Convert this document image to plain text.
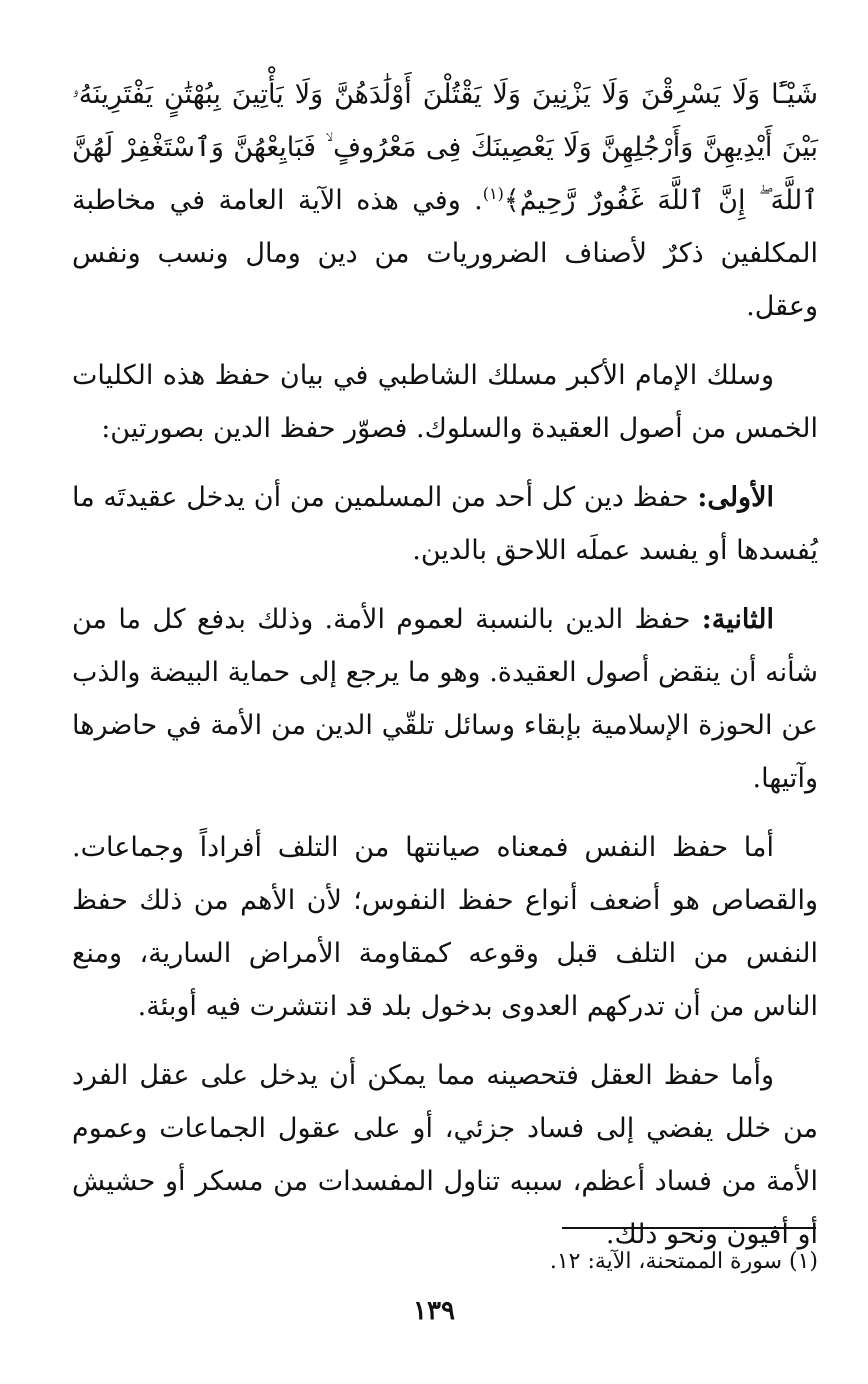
شَيْـًٔا وَلَا يَسْرِقْنَ وَلَا يَزْنِينَ وَلَا يَقْتُلْنَ أَوْلَٰدَهُنَّ وَلَا يَأْتِينَ بِبُهْتَٰنٍ يَفْتَرِينَهُۥ بَيْنَ أَيْدِيهِنَّ وَأَرْجُلِهِنَّ وَلَا يَعْصِينَكَ فِى مَعْرُوفٍ ۙ فَبَايِعْهُنَّ وَٱسْتَغْفِرْ لَهُنَّ ٱللَّهَ ۖ إِنَّ ٱللَّهَ غَفُورٌ رَّحِيمٌ﴾$^{(١)}$. وفي هذه الآية العامة في مخاطبة المكلفين ذكرٌ لأصناف الضروريات من دين ومال ونسب ونفس وعقل.

وسلك الإمام الأكبر مسلك الشاطبي في بيان حفظ هذه الكليات الخمس من أصول العقيدة والسلوك. فصوّر حفظ الدين بصورتين:

الأولى: حفظ دين كل أحد من المسلمين من أن يدخل عقيدتَه ما يُفسدها أو يفسد عملَه اللاحق بالدين.

الثانية: حفظ الدين بالنسبة لعموم الأمة. وذلك بدفع كل ما من شأنه أن ينقض أصول العقيدة. وهو ما يرجع إلى حماية البيضة والذب عن الحوزة الإسلامية بإبقاء وسائل تلقّي الدين من الأمة في حاضرها وآتيها.

أما حفظ النفس فمعناه صيانتها من التلف أفراداً وجماعات. والقصاص هو أضعف أنواع حفظ النفوس؛ لأن الأهم من ذلك حفظ النفس من التلف قبل وقوعه كمقاومة الأمراض السارية، ومنع الناس من أن تدركهم العدوى بدخول بلد قد انتشرت فيه أوبئة.

وأما حفظ العقل فتحصينه مما يمكن أن يدخل على عقل الفرد من خلل يفضي إلى فساد جزئي، أو على عقول الجماعات وعموم الأمة من فساد أعظم، سببه تناول المفسدات من مسكر أو حشيش أو أفيون ونحو ذلك.

(١) سورة الممتحنة، الآية: ١٢.
١٣٩
